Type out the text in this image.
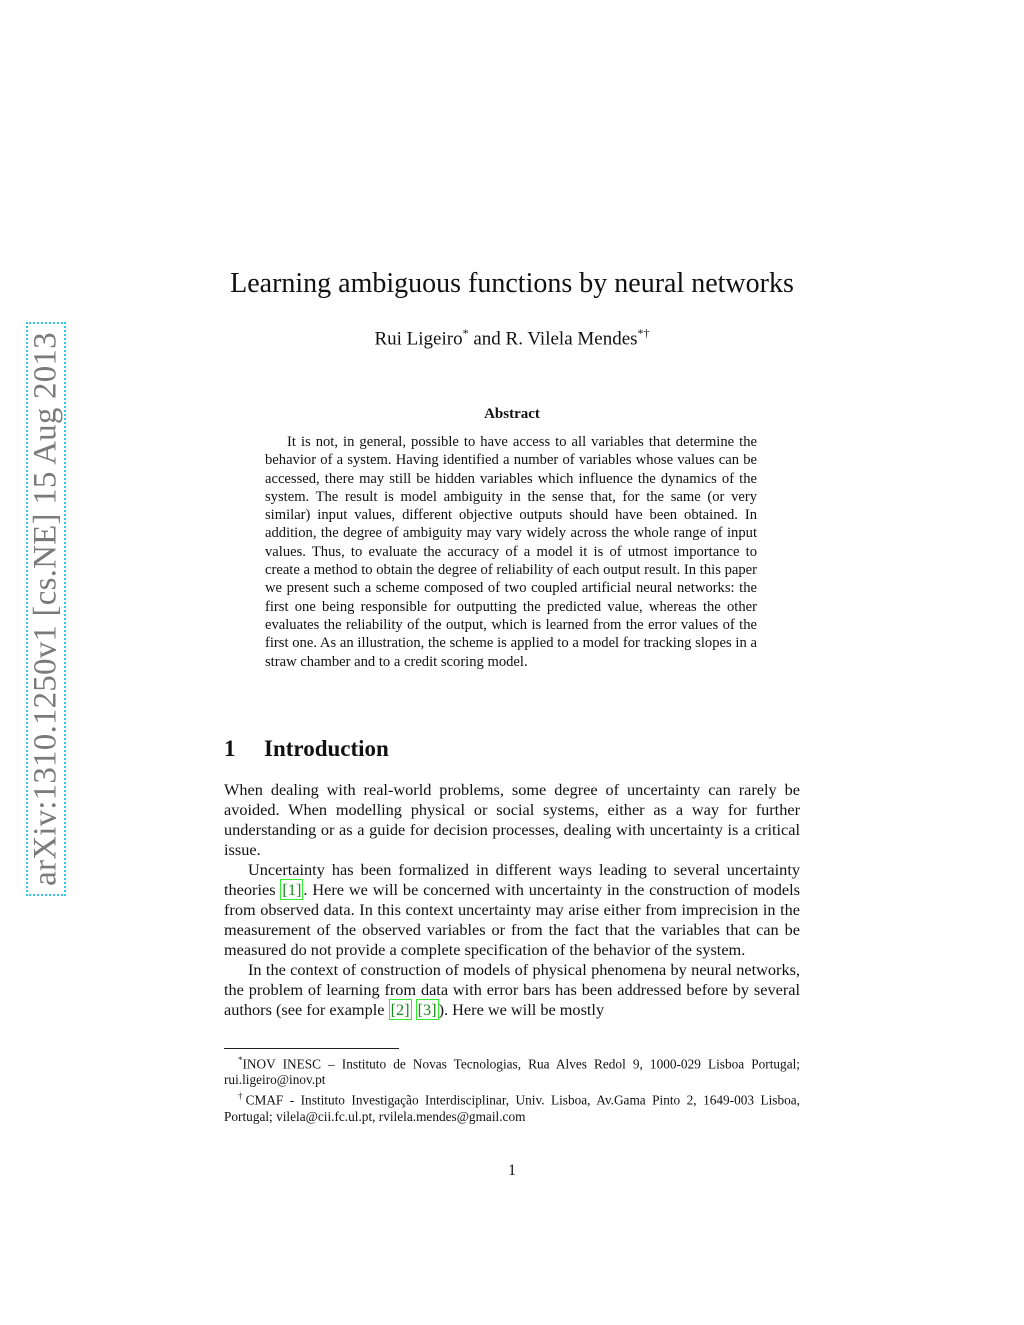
arXiv:1310.1250v1 [cs.NE] 15 Aug 2013
Learning ambiguous functions by neural networks
Rui Ligeiro* and R. Vilela Mendes*†
Abstract

It is not, in general, possible to have access to all variables that determine the behavior of a system. Having identified a number of variables whose values can be accessed, there may still be hidden variables which influence the dynamics of the system. The result is model ambiguity in the sense that, for the same (or very similar) input values, different objective outputs should have been obtained. In addition, the degree of ambiguity may vary widely across the whole range of input values. Thus, to evaluate the accuracy of a model it is of utmost importance to create a method to obtain the degree of reliability of each output result. In this paper we present such a scheme composed of two coupled artificial neural networks: the first one being responsible for outputting the predicted value, whereas the other evaluates the reliability of the output, which is learned from the error values of the first one. As an illustration, the scheme is applied to a model for tracking slopes in a straw chamber and to a credit scoring model.

1 Introduction

When dealing with real-world problems, some degree of uncertainty can rarely be avoided. When modelling physical or social systems, either as a way for further understanding or as a guide for decision processes, dealing with uncertainty is a critical issue.

Uncertainty has been formalized in different ways leading to several uncertainty theories [1] . Here we will be concerned with uncertainty in the construction of models from observed data. In this context uncertainty may arise either from imprecision in the measurement of the observed variables or from the fact that the variables that can be measured do not provide a complete specification of the behavior of the system.

In the context of construction of models of physical phenomena by neural networks, the problem of learning from data with error bars has been addressed before by several authors (see for example [2] [3] ). Here we will be mostly

*INOV INESC – Instituto de Novas Tecnologias, Rua Alves Redol 9, 1000-029 Lisboa Portugal; rui.ligeiro@inov.pt

†CMAF - Instituto Investigação Interdisciplinar, Univ. Lisboa, Av.Gama Pinto 2, 1649-003 Lisboa, Portugal; vilela@cii.fc.ul.pt, rvilela.mendes@gmail.com

1
